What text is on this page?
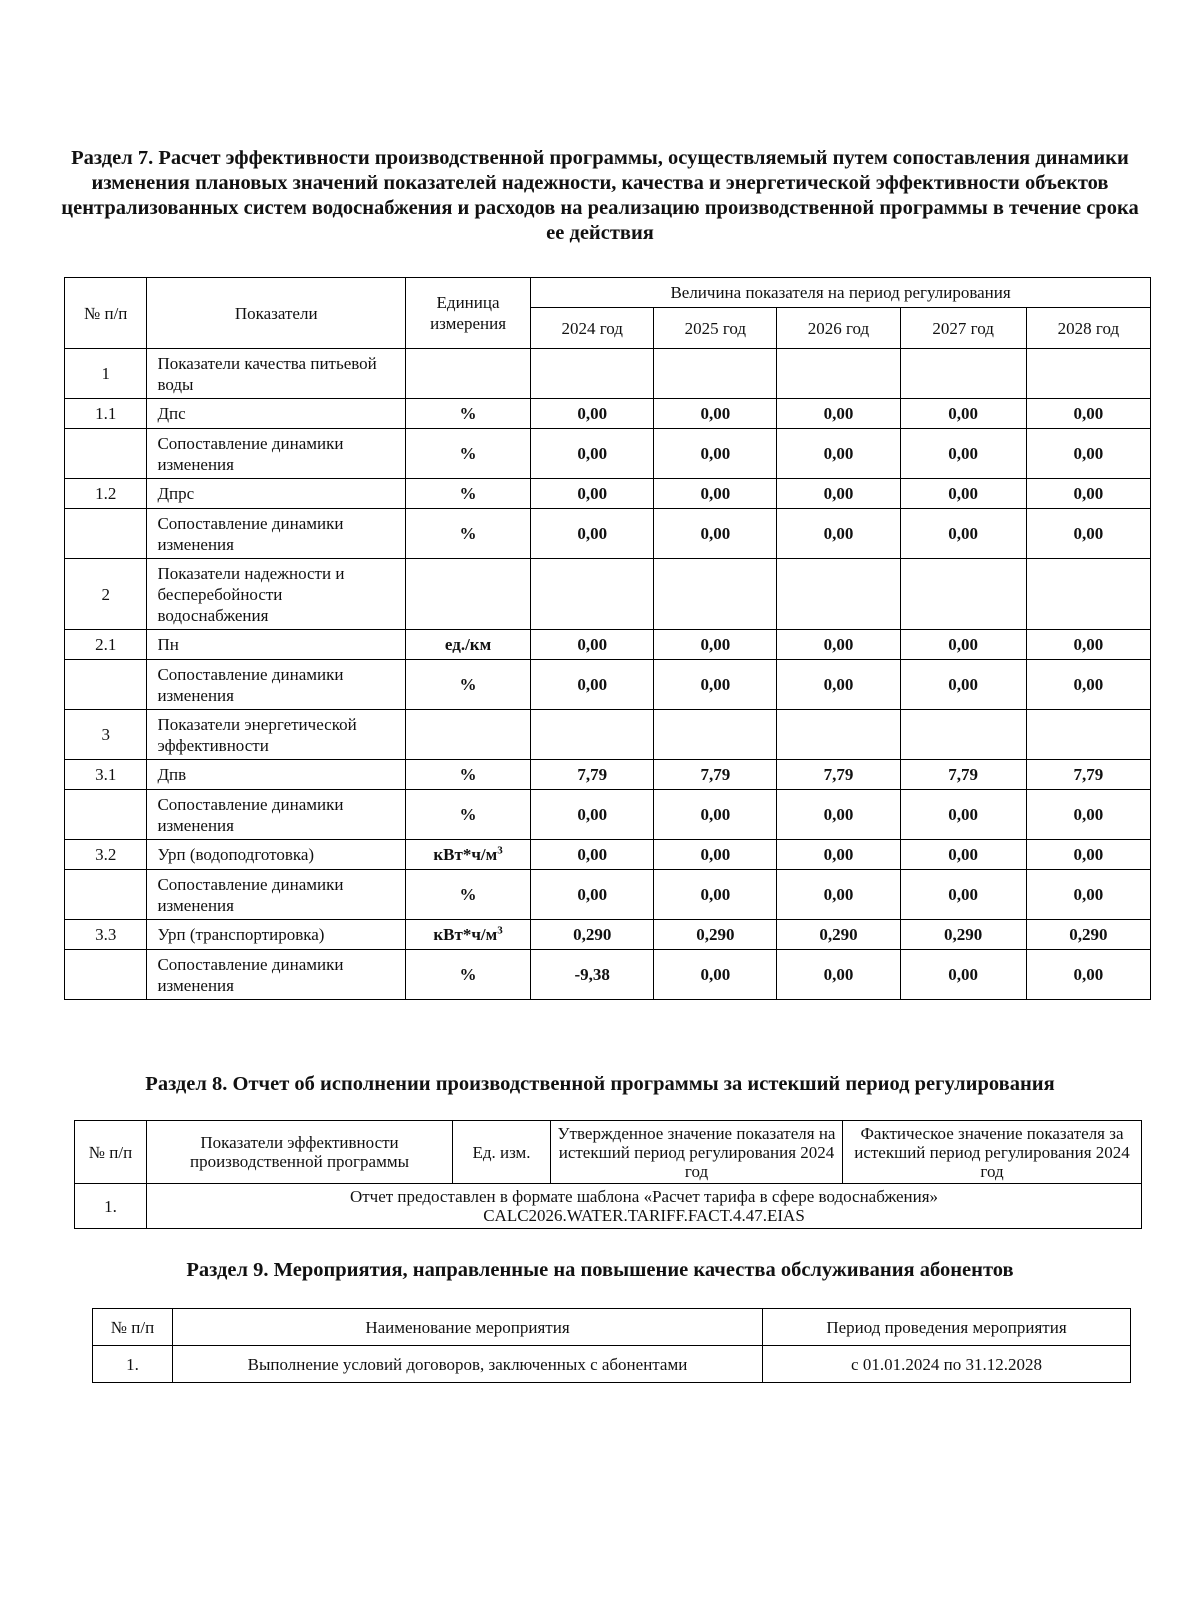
Раздел 7. Расчет эффективности производственной программы, осуществляемый путем сопоставления динамики изменения плановых значений показателей надежности, качества и энергетической эффективности объектов централизованных систем водоснабжения и расходов на реализацию производственной программы в течение срока ее действия
№ п/п	Показатели	Единица измерения	Величина показателя на период регулирования				
			2024 год	2025 год	2026 год	2027 год	2028 год
1	Показатели качества питьевой воды						
1.1	Дпс	%	0,00	0,00	0,00	0,00	0,00
	Сопоставление динамики изменения	%	0,00	0,00	0,00	0,00	0,00
1.2	Дпрс	%	0,00	0,00	0,00	0,00	0,00
	Сопоставление динамики изменения	%	0,00	0,00	0,00	0,00	0,00
2	Показатели надежности и бесперебойности водоснабжения						
2.1	Пн	ед./км	0,00	0,00	0,00	0,00	0,00
	Сопоставление динамики изменения	%	0,00	0,00	0,00	0,00	0,00
3	Показатели энергетической эффективности						
3.1	Дпв	%	7,79	7,79	7,79	7,79	7,79
	Сопоставление динамики изменения	%	0,00	0,00	0,00	0,00	0,00
3.2	Урп (водоподготовка)	$кВт*ч/м^3$	0,00	0,00	0,00	0,00	0,00
	Сопоставление динамики изменения	%	0,00	0,00	0,00	0,00	0,00
3.3	Урп (транспортировка)	$кВт*ч/м^3$	0,290	0,290	0,290	0,290	0,290
	Сопоставление динамики изменения	%	-9,38	0,00	0,00	0,00	0,00
Раздел 8. Отчет об исполнении производственной программы за истекший период регулирования
№ п/п	Показатели эффективности производственной программы	Ед. изм.	Утвержденное значение показателя на истекший период регулирования 2024 год	Фактическое значение показателя за истекший период регулирования 2024 год
1.	Отчет предоставлен в формате шаблона «Расчет тарифа в сфере водоснабжения»
CALC2026.WATER.TARIFF.FACT.4.47.EIAS			
Раздел 9. Мероприятия, направленные на повышение качества обслуживания абонентов
№ п/п	Наименование мероприятия	Период проведения мероприятия
1.	Выполнение условий договоров, заключенных с абонентами	с 01.01.2024 по 31.12.2028
